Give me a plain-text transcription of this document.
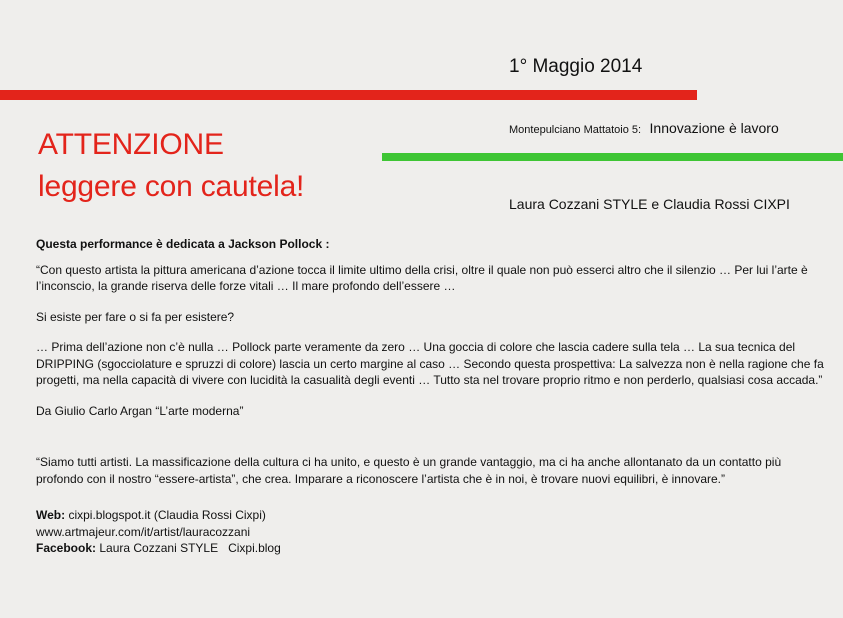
1° Maggio 2014
ATTENZIONE
leggere con cautela!
Montepulciano Mattatoio 5: Innovazione è lavoro
Laura Cozzani STYLE e Claudia Rossi CIXPI

Questa performance è dedicata a Jackson Pollock :

“Con questo artista la pittura americana d’azione tocca il limite ultimo della crisi, oltre il quale non può esserci altro che il silenzio … Per lui l’arte è l’inconscio, la grande riserva delle forze vitali … Il mare profondo dell’essere …

Si esiste per fare o si fa per esistere?

… Prima dell’azione non c’è nulla … Pollock parte veramente da zero … Una goccia di colore che lascia cadere sulla tela … La sua tecnica del DRIPPING (sgocciolature e spruzzi di colore) lascia un certo margine al caso … Secondo questa prospettiva: La salvezza non è nella ragione che fa progetti, ma nella capacità di vivere con lucidità la casualità degli eventi … Tutto sta nel trovare proprio ritmo e non perderlo, qualsiasi cosa accada.”

Da Giulio Carlo Argan “L’arte moderna”

“Siamo tutti artisti. La massificazione della cultura ci ha unito, e questo è un grande vantaggio, ma ci ha anche allontanato da un contatto più profondo con il nostro “essere-artista”, che crea. Imparare a riconoscere l’artista che è in noi, è trovare nuovi equilibri, è innovare.”

Web: cixpi.blogspot.it (Claudia Rossi Cixpi)
www.artmajeur.com/it/artist/lauracozzani
Facebook: Laura Cozzani STYLE   Cixpi.blog
